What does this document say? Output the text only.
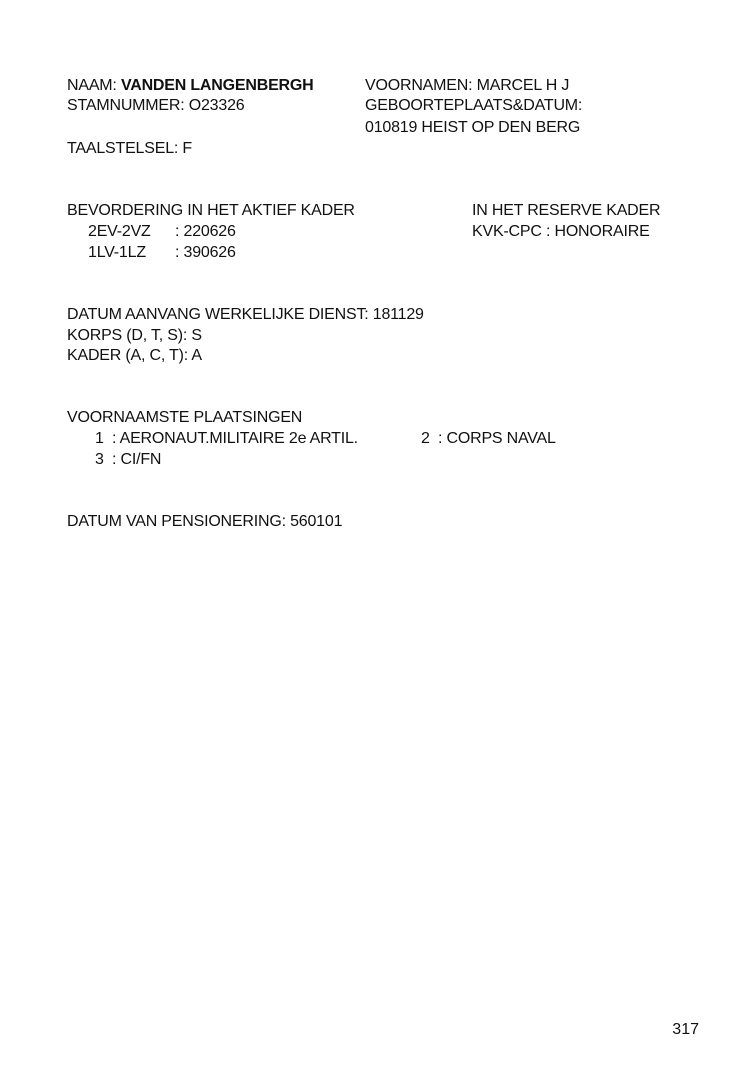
NAAM: VANDEN LANGENBERGH	VOORNAMEN: MARCEL H J
STAMNUMMER: O23326	GEBOORTEPLAATS&DATUM:
010819 HEIST OP DEN BERG
TAALSTELSEL: F
BEVORDERING IN HET AKTIEF KADER	IN HET RESERVE KADER
2EV-2VZ : 220626	KVK-CPC : HONORAIRE
1LV-1LZ : 390626
DATUM AANVANG WERKELIJKE DIENST: 181129
KORPS (D, T, S): S
KADER (A, C, T): A
VOORNAAMSTE PLAATSINGEN
1 : AERONAUT.MILITAIRE 2e ARTIL.	2 : CORPS NAVAL
3 : CI/FN
DATUM VAN PENSIONERING: 560101
317
